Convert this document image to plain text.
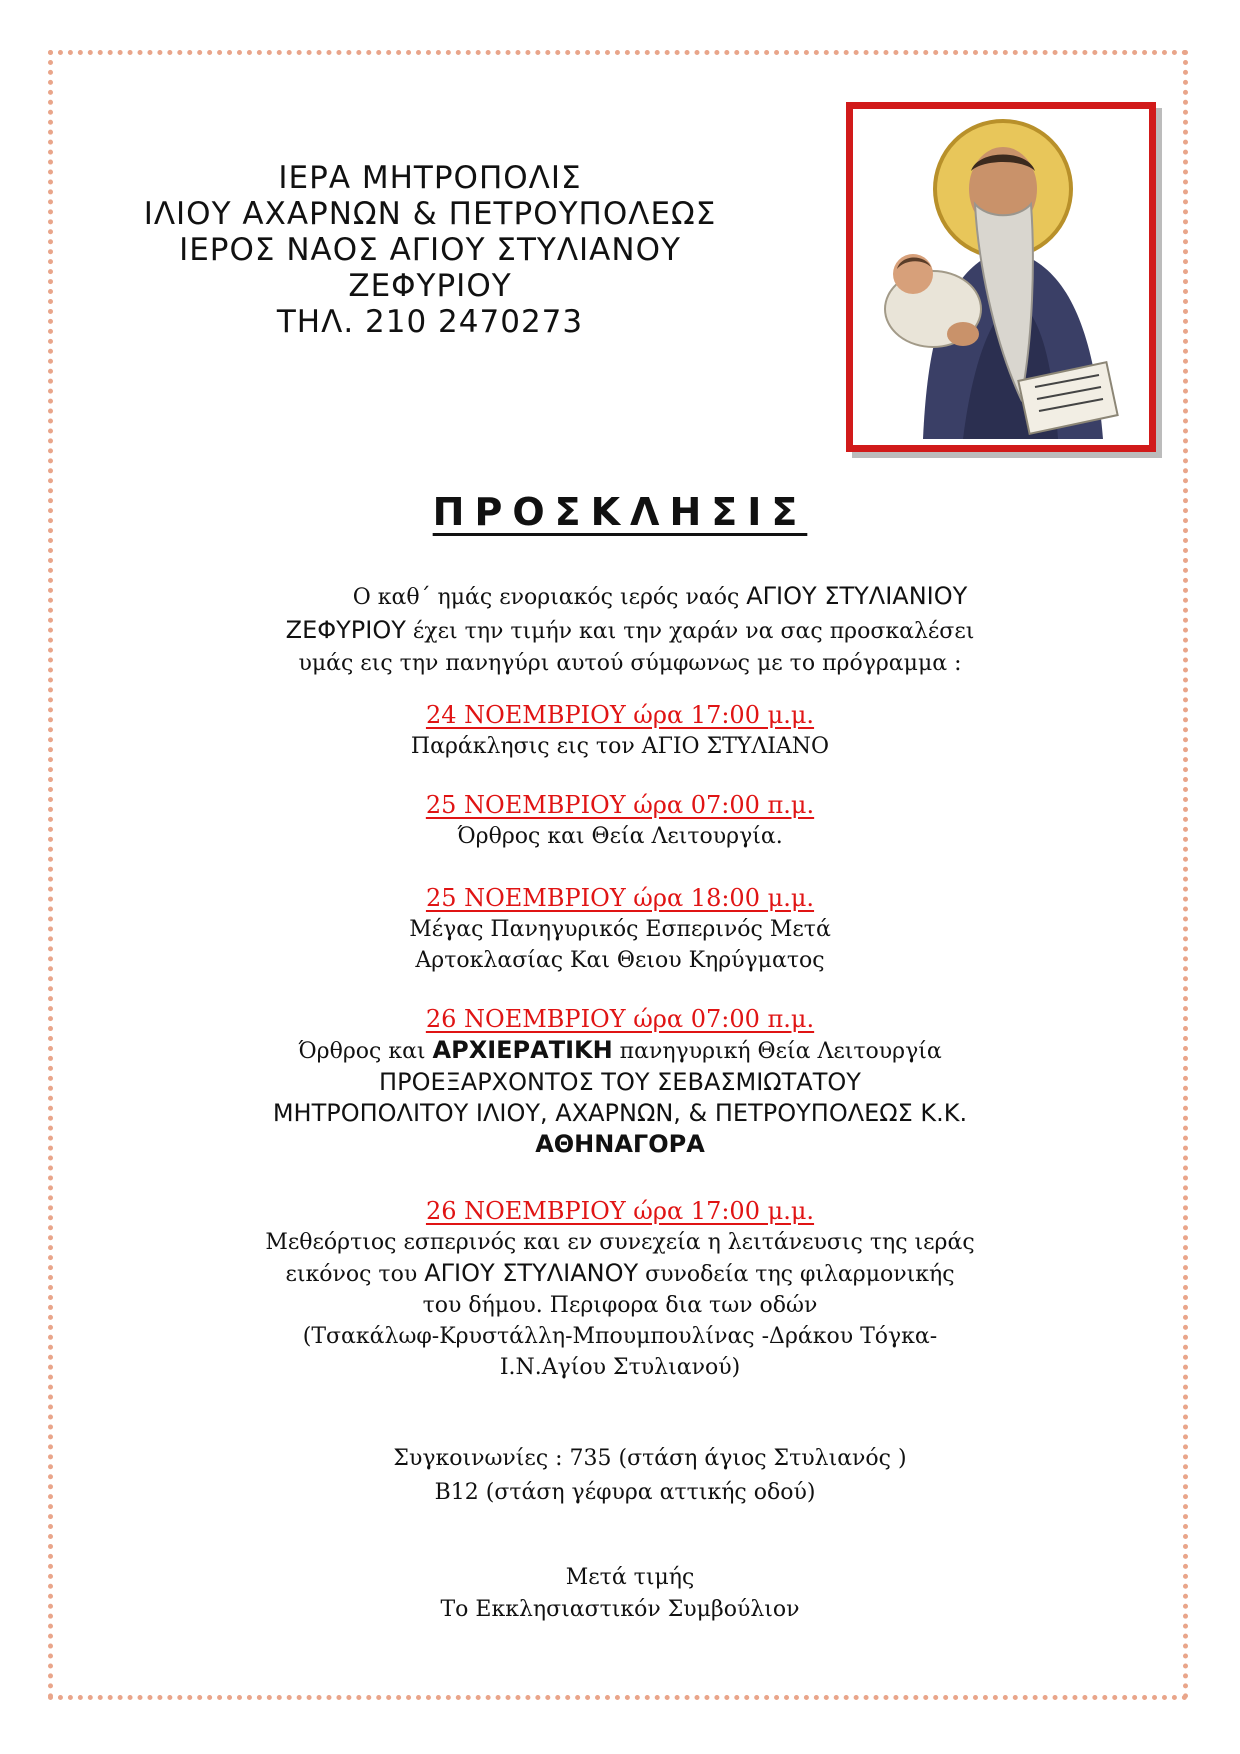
ΙΕΡΑ ΜΗΤΡΟΠΟΛΙΣ
ΙΛΙΟΥ ΑΧΑΡΝΩΝ & ΠΕΤΡΟΥΠΟΛΕΩΣ
ΙΕΡΟΣ ΝΑΟΣ ΑΓΙΟΥ ΣΤΥΛΙΑΝΟΥ
ΖΕΦΥΡΙΟΥ
ΤΗΛ. 210 2470273
ΠΡΟΣΚΛΗΣΙΣ
Ο καθ΄ ημάς ενοριακός ιερός ναός ΑΓΙΟΥ ΣΤΥΛΙΑΝΙΟΥ
ΖΕΦΥΡΙΟΥ έχει την τιμήν και την χαράν να σας προσκαλέσει
υμάς εις την πανηγύρι αυτού σύμφωνως με το πρόγραμμα :
24 ΝΟΕΜΒΡΙΟΥ ώρα 17:00 μ.μ.
Παράκλησις εις τον ΑΓΙΟ ΣΤΥΛΙΑΝΟ
25 ΝΟΕΜΒΡΙΟΥ ώρα 07:00 π.μ.
Όρθρος και Θεία Λειτουργία.
25 ΝΟΕΜΒΡΙΟΥ ώρα 18:00 μ.μ.
Μέγας Πανηγυρικός Εσπερινός Μετά
Αρτοκλασίας Και Θειου Κηρύγματος
26 ΝΟΕΜΒΡΙΟΥ ώρα 07:00 π.μ.
Όρθρος και ΑΡΧΙΕΡΑΤΙΚΗ πανηγυρική Θεία Λειτουργία
ΠΡΟΕΞΑΡΧΟΝΤΟΣ ΤΟΥ ΣΕΒΑΣΜΙΩΤΑΤΟΥ
ΜΗΤΡΟΠΟΛΙΤΟΥ ΙΛΙΟΥ, ΑΧΑΡΝΩΝ, & ΠΕΤΡΟΥΠΟΛΕΩΣ Κ.Κ.
ΑΘΗΝΑΓΟΡΑ
26 ΝΟΕΜΒΡΙΟΥ ώρα 17:00 μ.μ.
Μεθεόρτιος εσπερινός και εν συνεχεία η λειτάνευσις της ιεράς
εικόνος του ΑΓΙΟΥ ΣΤΥΛΙΑΝΟΥ συνοδεία της φιλαρμονικής
του δήμου. Περιφορα δια των οδών
(Τσακάλωφ-Κρυστάλλη-Μπουμπουλίνας -Δράκου Τόγκα-
Ι.Ν.Αγίου Στυλιανού)
Συγκοινωνίες : 735 (στάση άγιος Στυλιανός )
Β12 (στάση γέφυρα αττικής οδού)
Μετά τιμής
Το Εκκλησιαστικόν Συμβούλιον
